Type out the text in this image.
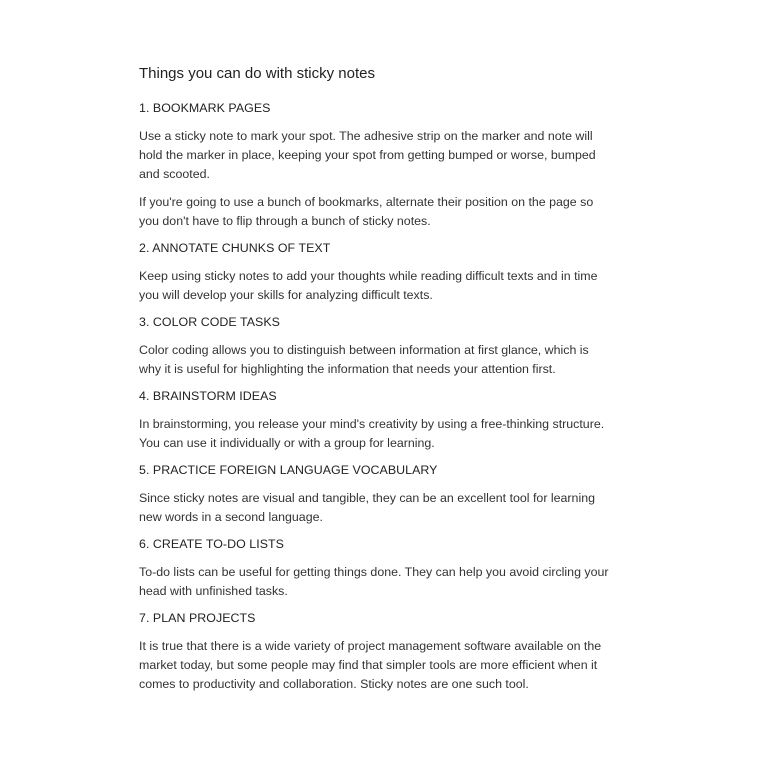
Things you can do with sticky notes
1. BOOKMARK PAGES

Use a sticky note to mark your spot. The adhesive strip on the marker and note will hold the marker in place, keeping your spot from getting bumped or worse, bumped and scooted.

If you're going to use a bunch of bookmarks, alternate their position on the page so you don't have to flip through a bunch of sticky notes.

2. ANNOTATE CHUNKS OF TEXT

Keep using sticky notes to add your thoughts while reading difficult texts and in time you will develop your skills for analyzing difficult texts.

3. COLOR CODE TASKS

Color coding allows you to distinguish between information at first glance, which is why it is useful for highlighting the information that needs your attention first.

4. BRAINSTORM IDEAS

In brainstorming, you release your mind's creativity by using a free-thinking structure. You can use it individually or with a group for learning.

5. PRACTICE FOREIGN LANGUAGE VOCABULARY

Since sticky notes are visual and tangible, they can be an excellent tool for learning new words in a second language.

6. CREATE TO-DO LISTS

To-do lists can be useful for getting things done. They can help you avoid circling your head with unfinished tasks.

7. PLAN PROJECTS

It is true that there is a wide variety of project management software available on the market today, but some people may find that simpler tools are more efficient when it comes to productivity and collaboration. Sticky notes are one such tool.
